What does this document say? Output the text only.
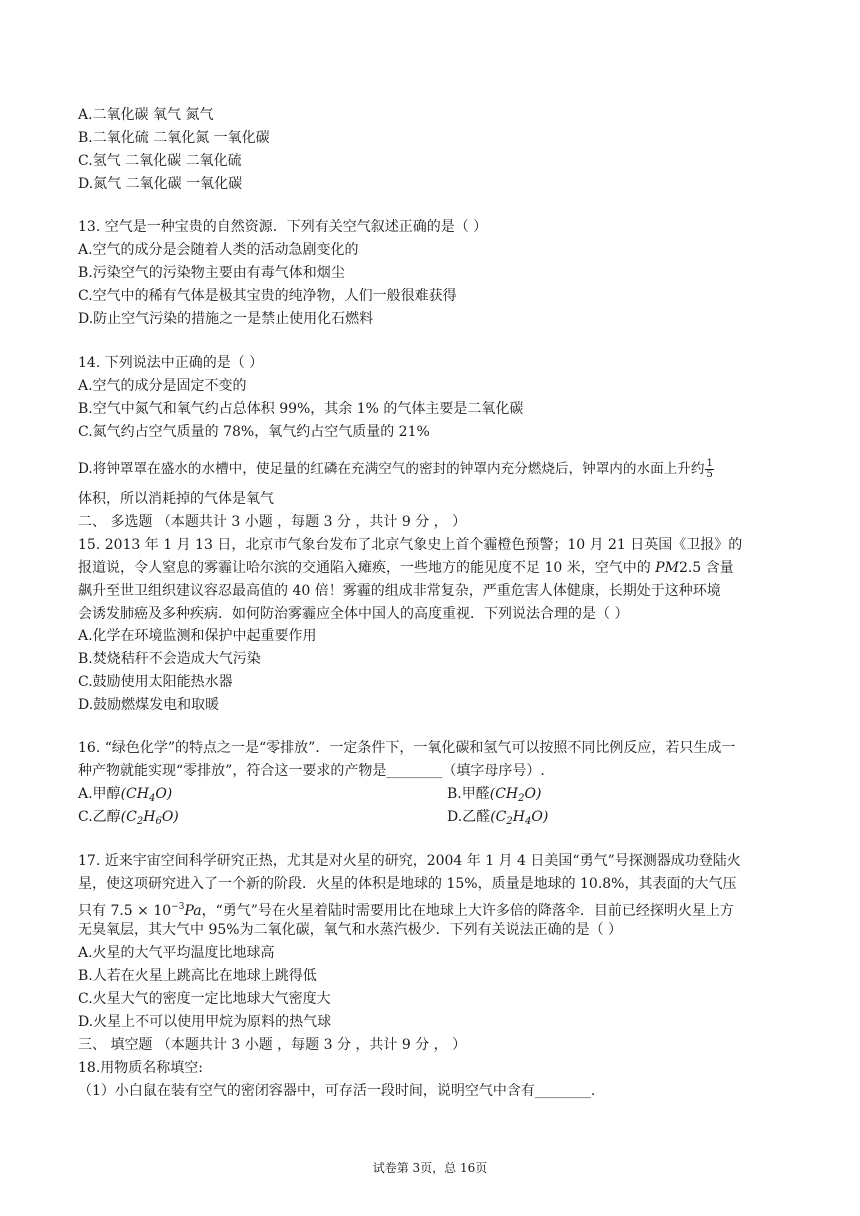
A.二氧化碳 氧气 氮气
B.二氧化硫 二氧化氮 一氧化碳
C.氢气 二氧化碳 二氧化硫
D.氮气 二氧化碳 一氧化碳
13. 空气是一种宝贵的自然资源．下列有关空气叙述正确的是（ ）
A.空气的成分是会随着人类的活动急剧变化的
B.污染空气的污染物主要由有毒气体和烟尘
C.空气中的稀有气体是极其宝贵的纯净物，人们一般很难获得
D.防止空气污染的措施之一是禁止使用化石燃料
14. 下列说法中正确的是（ ）
A.空气的成分是固定不变的
B.空气中氮气和氧气约占总体积 99%，其余 1% 的气体主要是二氧化碳
C.氮气约占空气质量的 78%，氧气约占空气质量的 21%
D.将钟罩罩在盛水的水槽中，使足量的红磷在充满空气的密封的钟罩内充分燃烧后，钟罩内的水面上升约 $\frac{1}{5}$
体积，所以消耗掉的气体是氧气
二、 多选题 （本题共计 3 小题 ，每题 3 分 ，共计 9 分 ， ）
15. 2013 年 1 月 13 日，北京市气象台发布了北京气象史上首个霾橙色预警；10 月 21 日英国《卫报》的
报道说，令人窒息的雾霾让哈尔滨的交通陷入瘫痪，一些地方的能见度不足 10 米，空气中的 PM2.5 含量
飙升至世卫组织建议容忍最高值的 40 倍！雾霾的组成非常复杂，严重危害人体健康，长期处于这种环境
会诱发肺癌及多种疾病．如何防治雾霾应全体中国人的高度重视．下列说法合理的是（ ）
A.化学在环境监测和保护中起重要作用
B.焚烧秸秆不会造成大气污染
C.鼓励使用太阳能热水器
D.鼓励燃煤发电和取暖
16. “绿色化学”的特点之一是“零排放”．一定条件下，一氧化碳和氢气可以按照不同比例反应，若只生成一
种产物就能实现“零排放”，符合这一要求的产物是________（填字母序号）.
A.甲醇$(CH_4O)$	B.甲醛$(CH_2O)$
C.乙醇$(C_2H_6O)$	D.乙醛$(C_2H_4O)$
17. 近来宇宙空间科学研究正热，尤其是对火星的研究，2004 年 1 月 4 日美国“勇气”号探测器成功登陆火
星，使这项研究进入了一个新的阶段．火星的体积是地球的 15%，质量是地球的 10.8%，其表面的大气压
只有 $7.5 \times 10^{-3}Pa$，“勇气”号在火星着陆时需要用比在地球上大许多倍的降落伞．目前已经探明火星上方
无臭氧层，其大气中 95%为二氧化碳，氧气和水蒸汽极少．下列有关说法正确的是（ ）
A.火星的大气平均温度比地球高
B.人若在火星上跳高比在地球上跳得低
C.火星大气的密度一定比地球大气密度大
D.火星上不可以使用甲烷为原料的热气球
三、 填空题 （本题共计 3 小题 ，每题 3 分 ，共计 9 分 ， ）
18.用物质名称填空:
（1）小白鼠在装有空气的密闭容器中，可存活一段时间，说明空气中含有________.
试卷第 3页，总 16页
